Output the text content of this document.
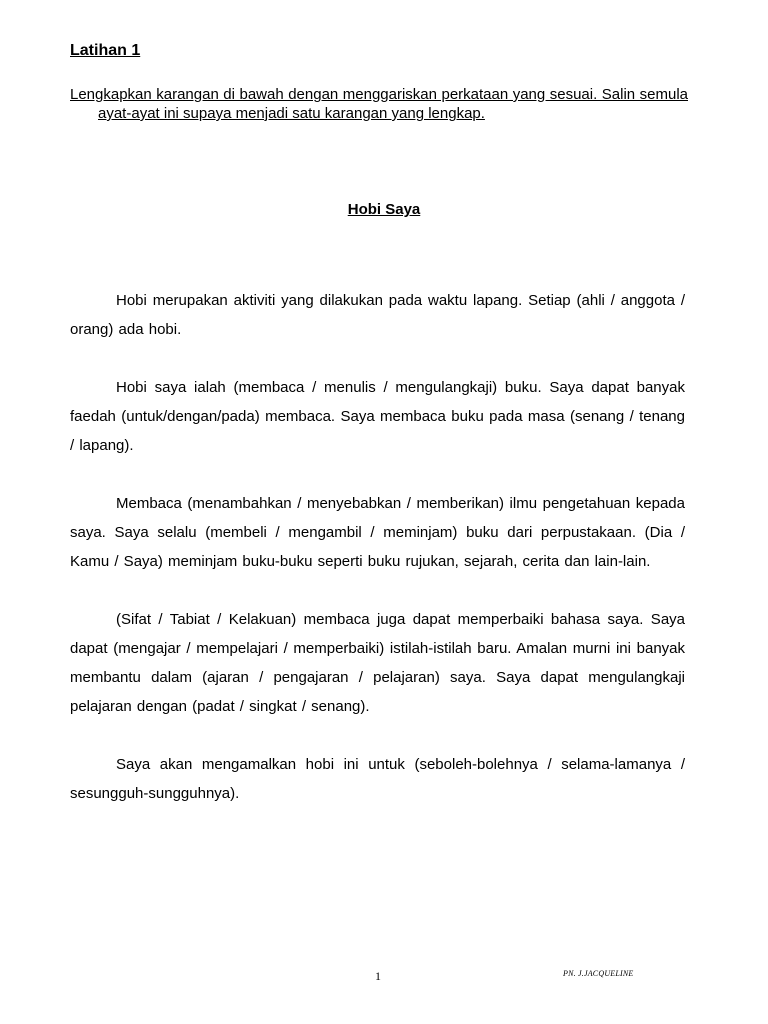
Latihan 1

Lengkapkan karangan di bawah dengan menggariskan perkataan yang sesuai. Salin semula ayat-ayat ini supaya menjadi satu karangan yang lengkap.

Hobi Saya

Hobi merupakan aktiviti yang dilakukan pada waktu lapang. Setiap (ahli / anggota / orang) ada hobi.

Hobi saya ialah (membaca / menulis / mengulangkaji) buku. Saya dapat banyak faedah (untuk/dengan/pada) membaca. Saya membaca buku pada masa (senang / tenang / lapang).

Membaca (menambahkan / menyebabkan / memberikan) ilmu pengetahuan kepada saya. Saya selalu (membeli / mengambil / meminjam) buku dari perpustakaan. (Dia / Kamu / Saya) meminjam buku-buku seperti buku rujukan, sejarah, cerita dan lain-lain.

(Sifat / Tabiat / Kelakuan) membaca juga dapat memperbaiki bahasa saya. Saya dapat (mengajar / mempelajari / memperbaiki) istilah-istilah baru. Amalan murni ini banyak membantu dalam (ajaran / pengajaran / pelajaran) saya. Saya dapat mengulangkaji pelajaran dengan (padat / singkat / senang).

Saya akan mengamalkan hobi ini untuk (seboleh-bolehnya / selama-lamanya / sesungguh-sungguhnya).

1	PN. J.JACQUELINE
